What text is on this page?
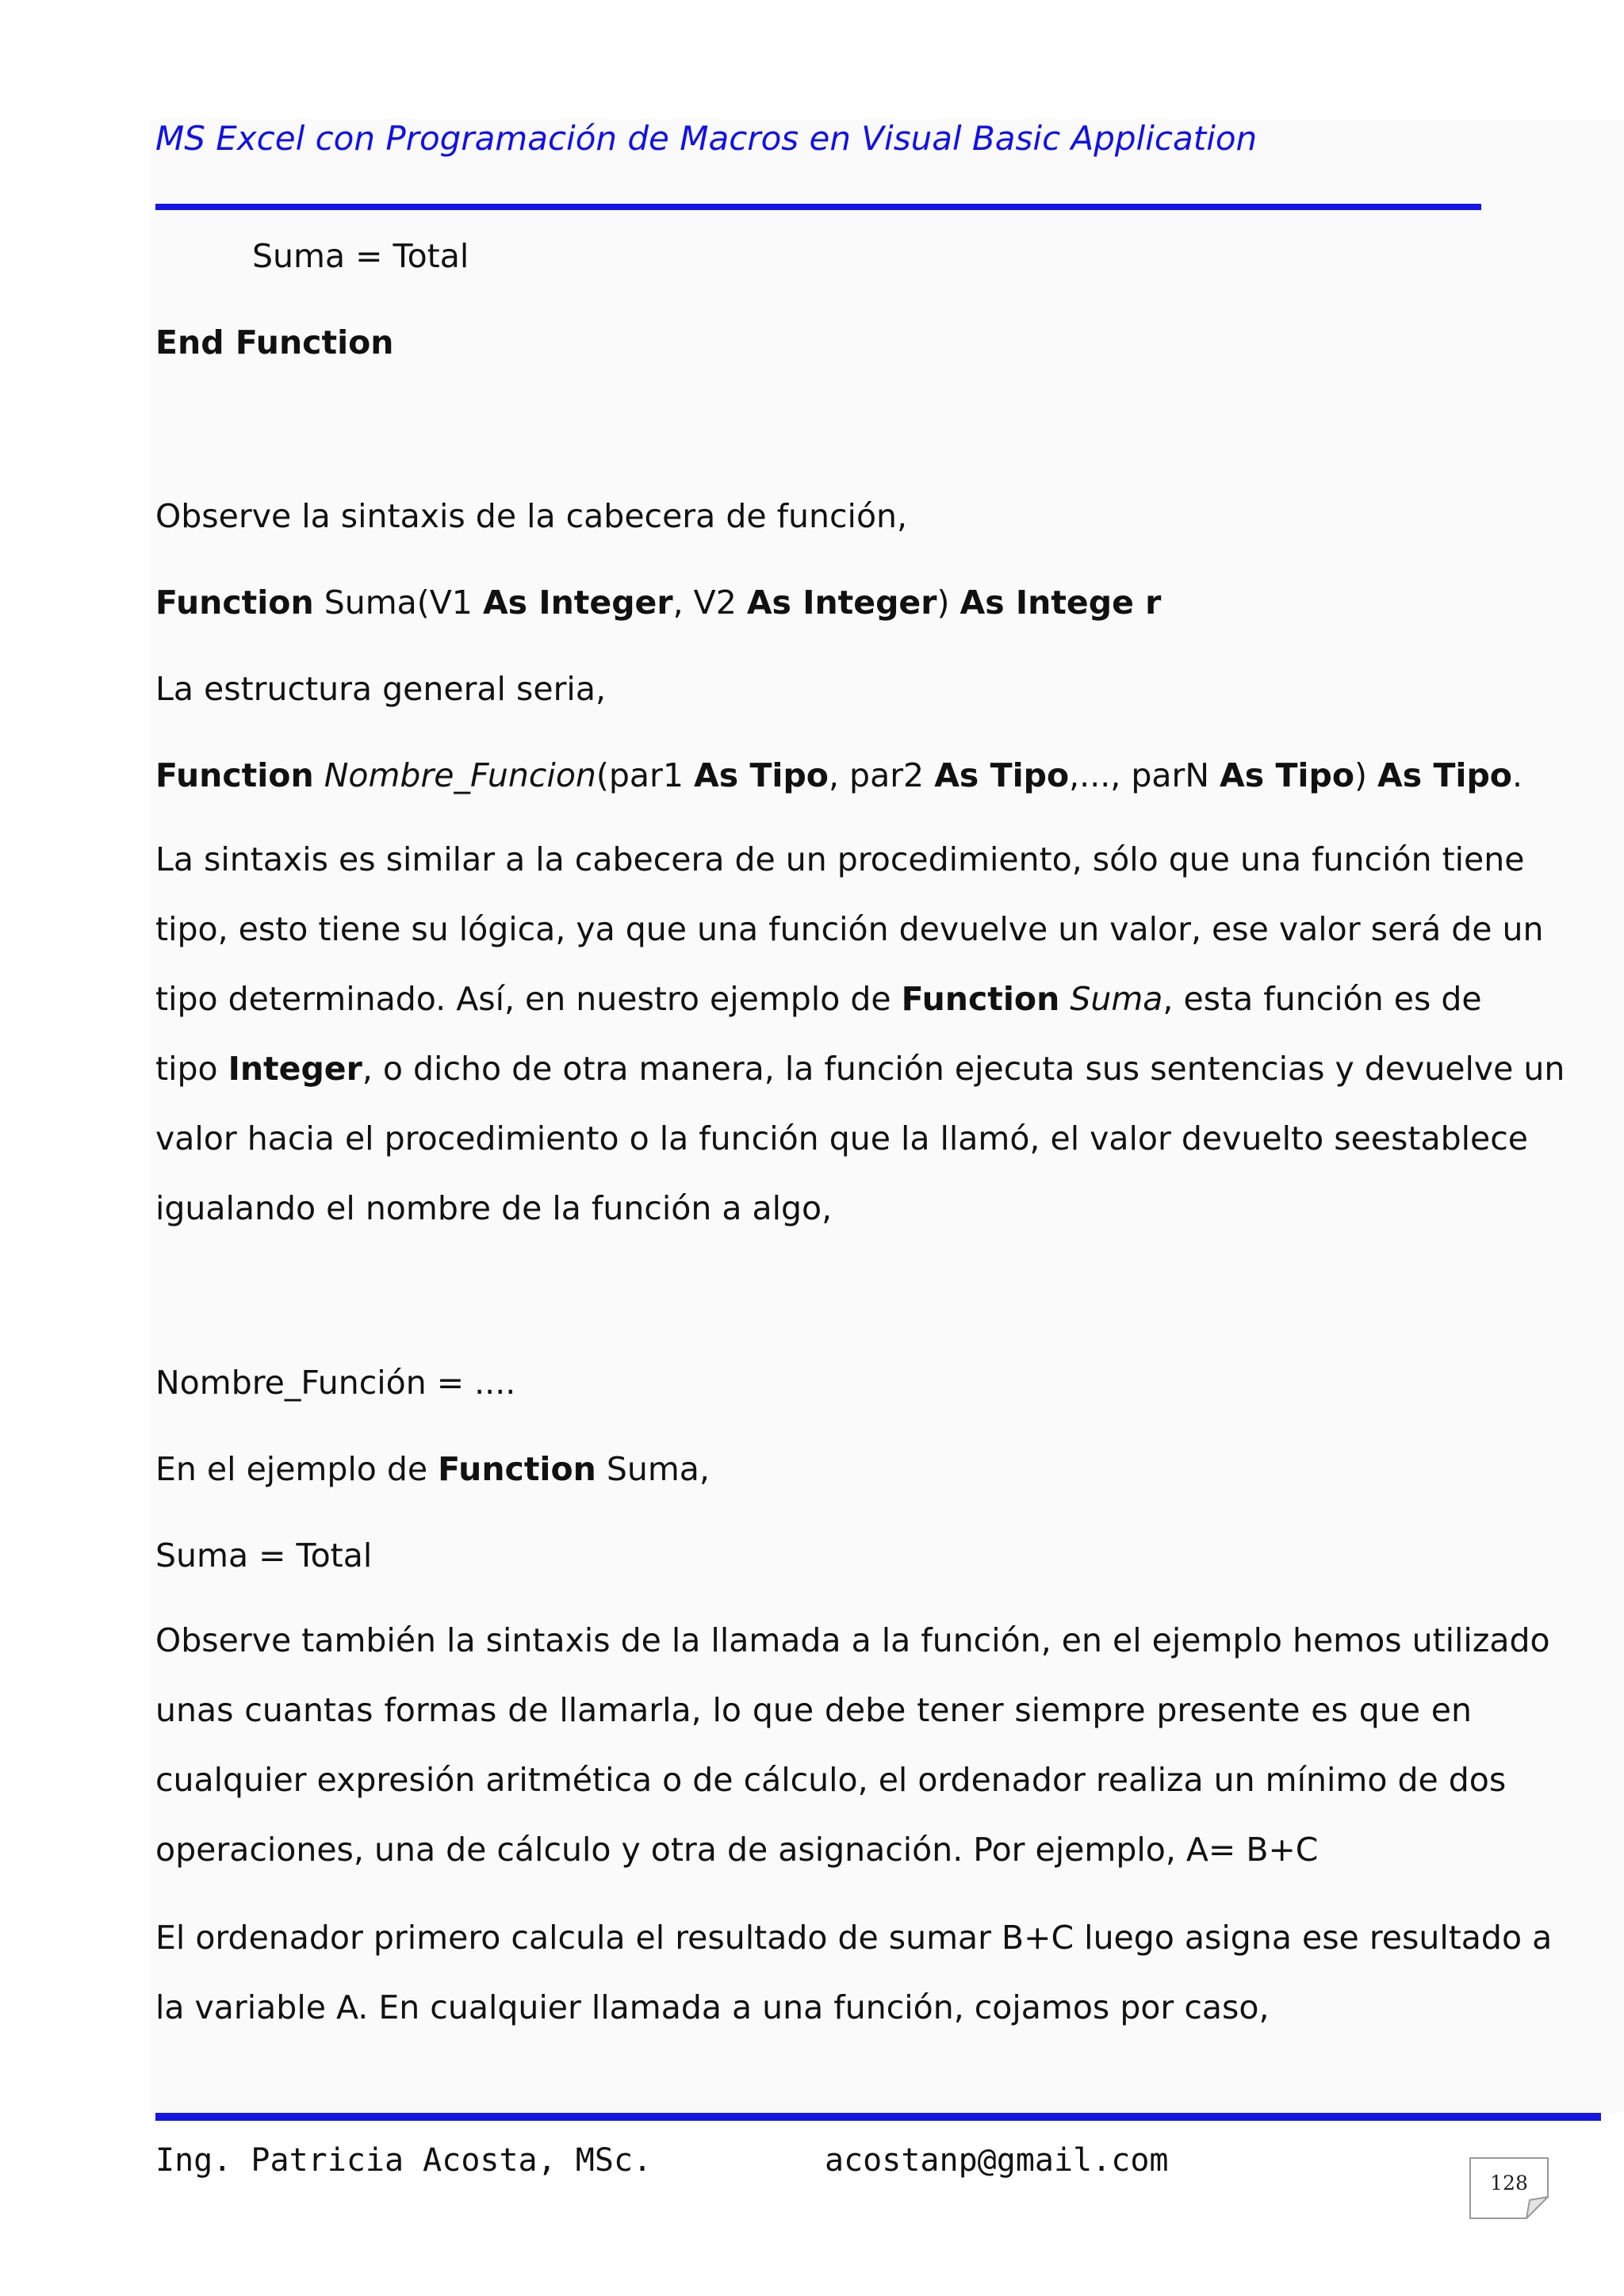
MS Excel con Programación de Macros en Visual Basic Application
Suma = Total
End Function
Observe la sintaxis de la cabecera de función,
Function Suma(V1 As Integer, V2 As Integer) As Intege r
La estructura general seria,
Function Nombre_Funcion(par1 As Tipo, par2 As Tipo,..., parN As Tipo) As Tipo.
La sintaxis es similar a la cabecera de un procedimiento, sólo que una función tiene
tipo, esto tiene su lógica, ya que una función devuelve un valor, ese valor será de un
tipo determinado. Así, en nuestro ejemplo de Function Suma, esta función es de
tipo Integer, o dicho de otra manera, la función ejecuta sus sentencias y devuelve un
valor hacia el procedimiento o la función que la llamó, el valor devuelto seestablece
igualando el nombre de la función a algo,
Nombre_Función = ....
En el ejemplo de Function Suma,
Suma = Total
Observe también la sintaxis de la llamada a la función, en el ejemplo hemos utilizado
unas cuantas formas de llamarla, lo que debe tener siempre presente es que en
cualquier expresión aritmética o de cálculo, el ordenador realiza un mínimo de dos
operaciones, una de cálculo y otra de asignación. Por ejemplo, A= B+C
El ordenador primero calcula el resultado de sumar B+C luego asigna ese resultado a
la variable A. En cualquier llamada a una función, cojamos por caso,
Ing. Patricia Acosta, MSc.	acostanp@gmail.com
128
